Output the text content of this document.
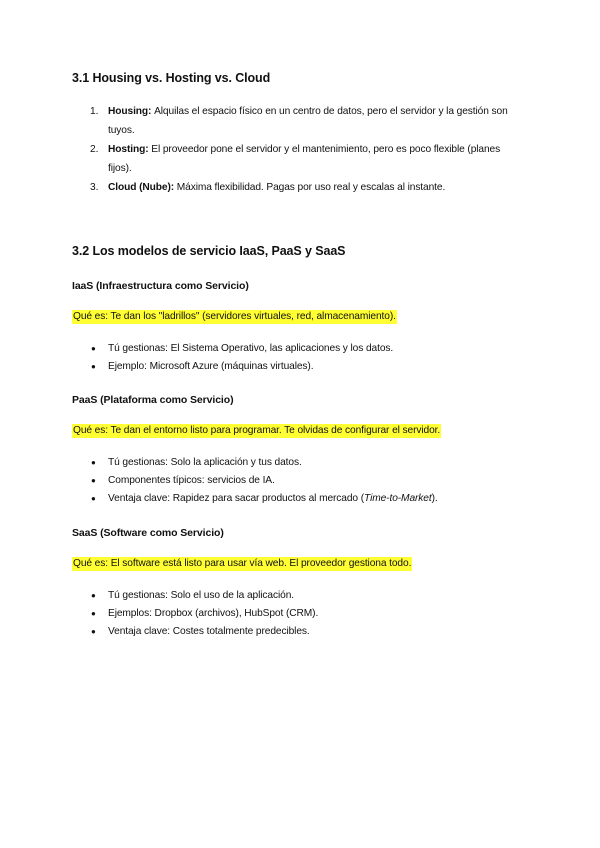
3.1 Housing vs. Hosting vs. Cloud
1. Housing: Alquilas el espacio físico en un centro de datos, pero el servidor y la gestión son tuyos.
2. Hosting: El proveedor pone el servidor y el mantenimiento, pero es poco flexible (planes fijos).
3. Cloud (Nube): Máxima flexibilidad. Pagas por uso real y escalas al instante.
3.2 Los modelos de servicio IaaS, PaaS y SaaS
IaaS (Infraestructura como Servicio)

Qué es: Te dan los "ladrillos" (servidores virtuales, red, almacenamiento).

● Tú gestionas: El Sistema Operativo, las aplicaciones y los datos.
● Ejemplo: Microsoft Azure (máquinas virtuales).
PaaS (Plataforma como Servicio)

Qué es: Te dan el entorno listo para programar. Te olvidas de configurar el servidor.

● Tú gestionas: Solo la aplicación y tus datos.
● Componentes típicos: servicios de IA.
● Ventaja clave: Rapidez para sacar productos al mercado (Time-to-Market).
SaaS (Software como Servicio)

Qué es: El software está listo para usar vía web. El proveedor gestiona todo.

● Tú gestionas: Solo el uso de la aplicación.
● Ejemplos: Dropbox (archivos), HubSpot (CRM).
● Ventaja clave: Costes totalmente predecibles.
